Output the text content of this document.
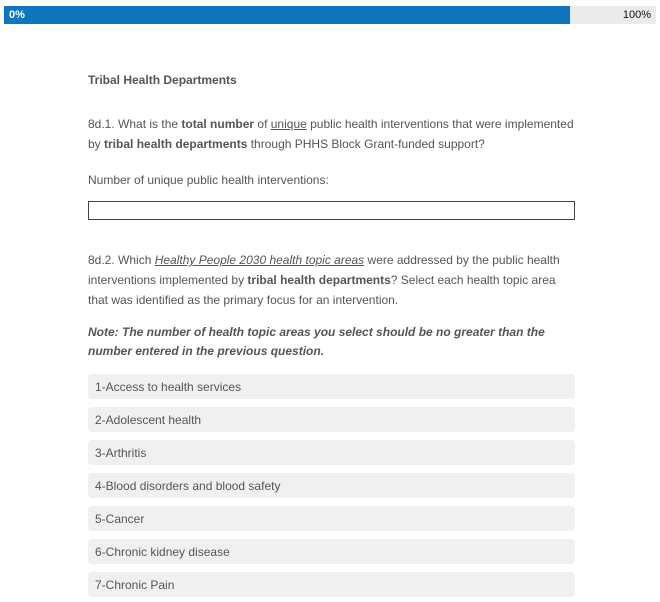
0%	100%
Tribal Health Departments

8d.1. What is the total number of unique public health interventions that were implemented by tribal health departments through PHHS Block Grant-funded support?

Number of unique public health interventions:

8d.2. Which Healthy People 2030 health topic areas were addressed by the public health interventions implemented by tribal health departments? Select each health topic area that was identified as the primary focus for an intervention.

Note: The number of health topic areas you select should be no greater than the number entered in the previous question.

1-Access to health services
2-Adolescent health
3-Arthritis
4-Blood disorders and blood safety
5-Cancer
6-Chronic kidney disease
7-Chronic Pain
